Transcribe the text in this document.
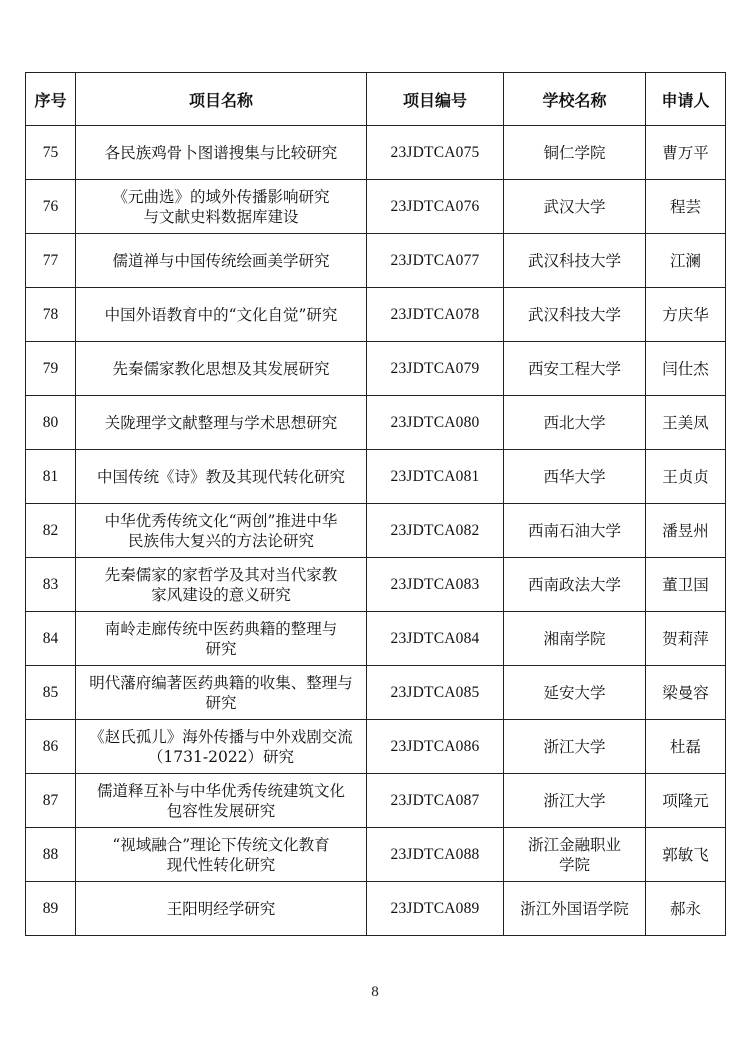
序号	项目名称	项目编号	学校名称	申请人
75	各民族鸡骨卜图谱搜集与比较研究	23JDTCA075	铜仁学院	曹万平
76	《元曲选》的域外传播影响研究
与文献史料数据库建设	23JDTCA076	武汉大学	程芸
77	儒道禅与中国传统绘画美学研究	23JDTCA077	武汉科技大学	江澜
78	中国外语教育中的“文化自觉”研究	23JDTCA078	武汉科技大学	方庆华
79	先秦儒家教化思想及其发展研究	23JDTCA079	西安工程大学	闫仕杰
80	关陇理学文献整理与学术思想研究	23JDTCA080	西北大学	王美凤
81	中国传统《诗》教及其现代转化研究	23JDTCA081	西华大学	王贞贞
82	中华优秀传统文化“两创”推进中华
民族伟大复兴的方法论研究	23JDTCA082	西南石油大学	潘昱州
83	先秦儒家的家哲学及其对当代家教
家风建设的意义研究	23JDTCA083	西南政法大学	董卫国
84	南岭走廊传统中医药典籍的整理与
研究	23JDTCA084	湘南学院	贺莉萍
85	明代藩府编著医药典籍的收集、整理与
研究	23JDTCA085	延安大学	梁曼容
86	《赵氏孤儿》海外传播与中外戏剧交流
（1731-2022）研究	23JDTCA086	浙江大学	杜磊
87	儒道释互补与中华优秀传统建筑文化
包容性发展研究	23JDTCA087	浙江大学	项隆元
88	“视域融合”理论下传统文化教育
现代性转化研究	23JDTCA088	浙江金融职业
学院	郭敏飞
89	王阳明经学研究	23JDTCA089	浙江外国语学院	郝永
8
